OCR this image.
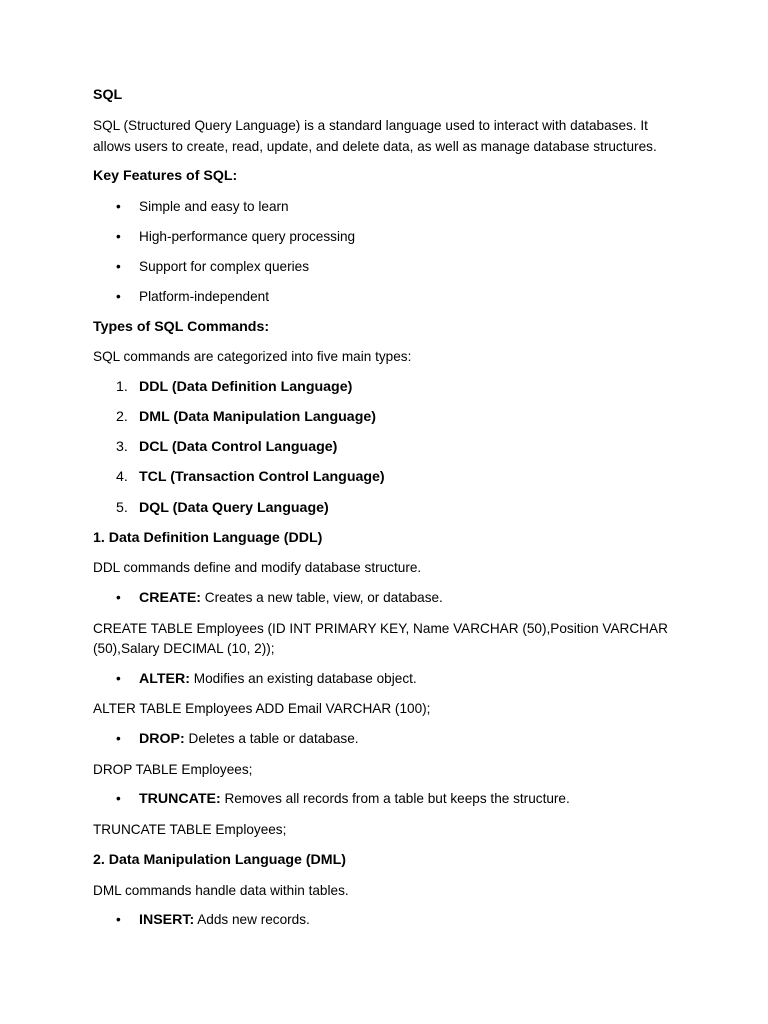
SQL

SQL (Structured Query Language) is a standard language used to interact with databases. It

allows users to create, read, update, and delete data, as well as manage database structures.

Key Features of SQL:

• Simple and easy to learn

• High-performance query processing

• Support for complex queries

• Platform-independent

Types of SQL Commands:

SQL commands are categorized into five main types:

1. DDL (Data Definition Language)

2. DML (Data Manipulation Language)

3. DCL (Data Control Language)

4. TCL (Transaction Control Language)

5. DQL (Data Query Language)

1. Data Definition Language (DDL)

DDL commands define and modify database structure.

• CREATE: Creates a new table, view, or database.

CREATE TABLE Employees (ID INT PRIMARY KEY, Name VARCHAR (50),Position VARCHAR

(50),Salary DECIMAL (10, 2));

• ALTER: Modifies an existing database object.

ALTER TABLE Employees ADD Email VARCHAR (100);

• DROP: Deletes a table or database.

DROP TABLE Employees;

• TRUNCATE: Removes all records from a table but keeps the structure.

TRUNCATE TABLE Employees;

2. Data Manipulation Language (DML)

DML commands handle data within tables.

• INSERT: Adds new records.
